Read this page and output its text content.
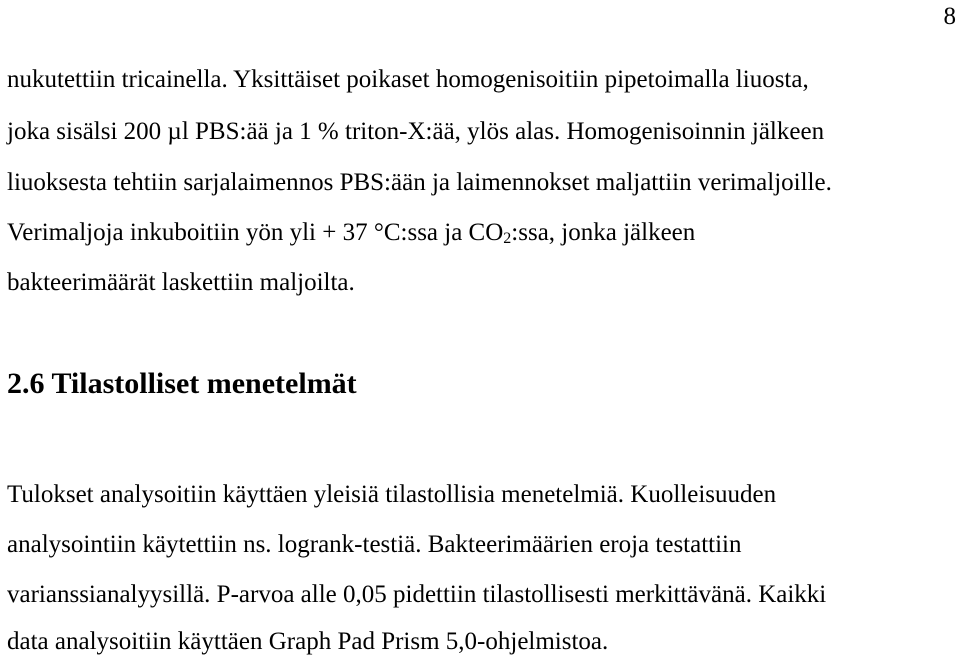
8
nukutettiin tricainella. Yksittäiset poikaset homogenisoitiin pipetoimalla liuosta,
joka sisälsi 200 µl PBS:ää ja 1 % triton-X:ää, ylös alas. Homogenisoinnin jälkeen
liuoksesta tehtiin sarjalaimennos PBS:ään ja laimennokset maljattiin verimaljoille.
Verimaljoja inkuboitiin yön yli + 37 °C:ssa ja $CO_2:ssa$, jonka jälkeen
bakteerimäärät laskettiin maljoilta.
2.6 Tilastolliset menetelmät
Tulokset analysoitiin käyttäen yleisiä tilastollisia menetelmiä. Kuolleisuuden
analysointiin käytettiin ns. logrank-testiä. Bakteerimäärien eroja testattiin
varianssianalyysillä. P-arvoa alle 0,05 pidettiin tilastollisesti merkittävänä. Kaikki
data analysoitiin käyttäen Graph Pad Prism 5,0-ohjelmistoa.
